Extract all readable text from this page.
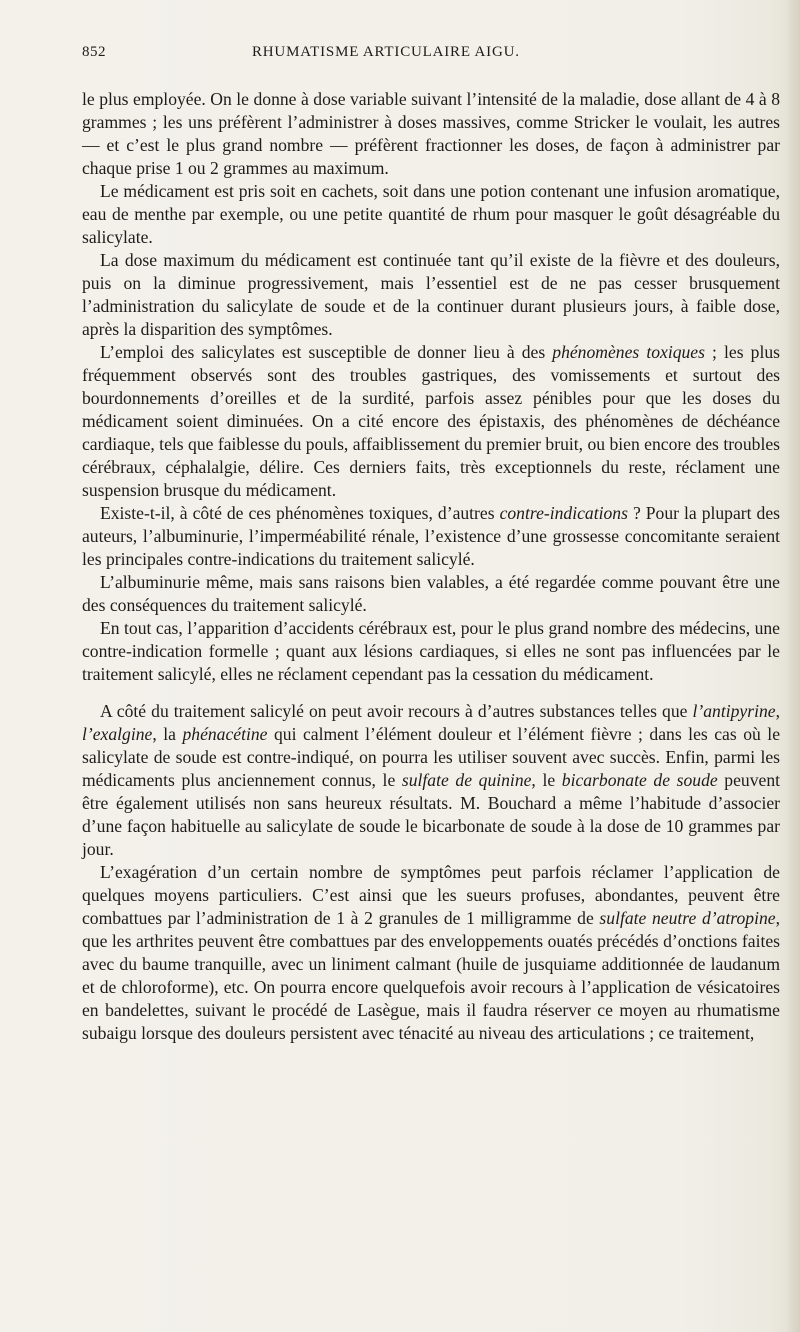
852	RHUMATISME ARTICULAIRE AIGU.

le plus employée. On le donne à dose variable suivant l’intensité de la maladie, dose allant de 4 à 8 grammes ; les uns préfèrent l’administrer à doses massives, comme Stricker le voulait, les autres — et c’est le plus grand nombre — préfèrent fractionner les doses, de façon à administrer par chaque prise 1 ou 2 grammes au maximum.

Le médicament est pris soit en cachets, soit dans une potion contenant une infusion aromatique, eau de menthe par exemple, ou une petite quantité de rhum pour masquer le goût désagréable du salicylate.

La dose maximum du médicament est continuée tant qu’il existe de la fièvre et des douleurs, puis on la diminue progressivement, mais l’essentiel est de ne pas cesser brusquement l’administration du salicylate de soude et de la continuer durant plusieurs jours, à faible dose, après la disparition des symptômes.

L’emploi des salicylates est susceptible de donner lieu à des phénomènes toxiques ; les plus fréquemment observés sont des troubles gastriques, des vomissements et surtout des bourdonnements d’oreilles et de la surdité, parfois assez pénibles pour que les doses du médicament soient diminuées. On a cité encore des épistaxis, des phénomènes de déchéance cardiaque, tels que faiblesse du pouls, affaiblissement du premier bruit, ou bien encore des troubles cérébraux, céphalalgie, délire. Ces derniers faits, très exceptionnels du reste, réclament une suspension brusque du médicament.

Existe-t-il, à côté de ces phénomènes toxiques, d’autres contre-indications ? Pour la plupart des auteurs, l’albuminurie, l’imperméabilité rénale, l’existence d’une grossesse concomitante seraient les principales contre-indications du traitement salicylé.

L’albuminurie même, mais sans raisons bien valables, a été regardée comme pouvant être une des conséquences du traitement salicylé.

En tout cas, l’apparition d’accidents cérébraux est, pour le plus grand nombre des médecins, une contre-indication formelle ; quant aux lésions cardiaques, si elles ne sont pas influencées par le traitement salicylé, elles ne réclament cependant pas la cessation du médicament.

A côté du traitement salicylé on peut avoir recours à d’autres substances telles que l’antipyrine, l’exalgine, la phénacétine qui calment l’élément douleur et l’élément fièvre ; dans les cas où le salicylate de soude est contre-indiqué, on pourra les utiliser souvent avec succès. Enfin, parmi les médicaments plus anciennement connus, le sulfate de quinine, le bicarbonate de soude peuvent être également utilisés non sans heureux résultats. M. Bouchard a même l’habitude d’associer d’une façon habituelle au salicylate de soude le bicarbonate de soude à la dose de 10 grammes par jour.

L’exagération d’un certain nombre de symptômes peut parfois réclamer l’application de quelques moyens particuliers. C’est ainsi que les sueurs profuses, abondantes, peuvent être combattues par l’administration de 1 à 2 granules de 1 milligramme de sulfate neutre d’atropine, que les arthrites peuvent être combattues par des enveloppements ouatés précédés d’onctions faites avec du baume tranquille, avec un liniment calmant (huile de jusquiame additionnée de laudanum et de chloroforme), etc. On pourra encore quelquefois avoir recours à l’application de vésicatoires en bandelettes, suivant le procédé de Lasègue, mais il faudra réserver ce moyen au rhumatisme subaigu lorsque des douleurs persistent avec ténacité au niveau des articulations ; ce traitement,
